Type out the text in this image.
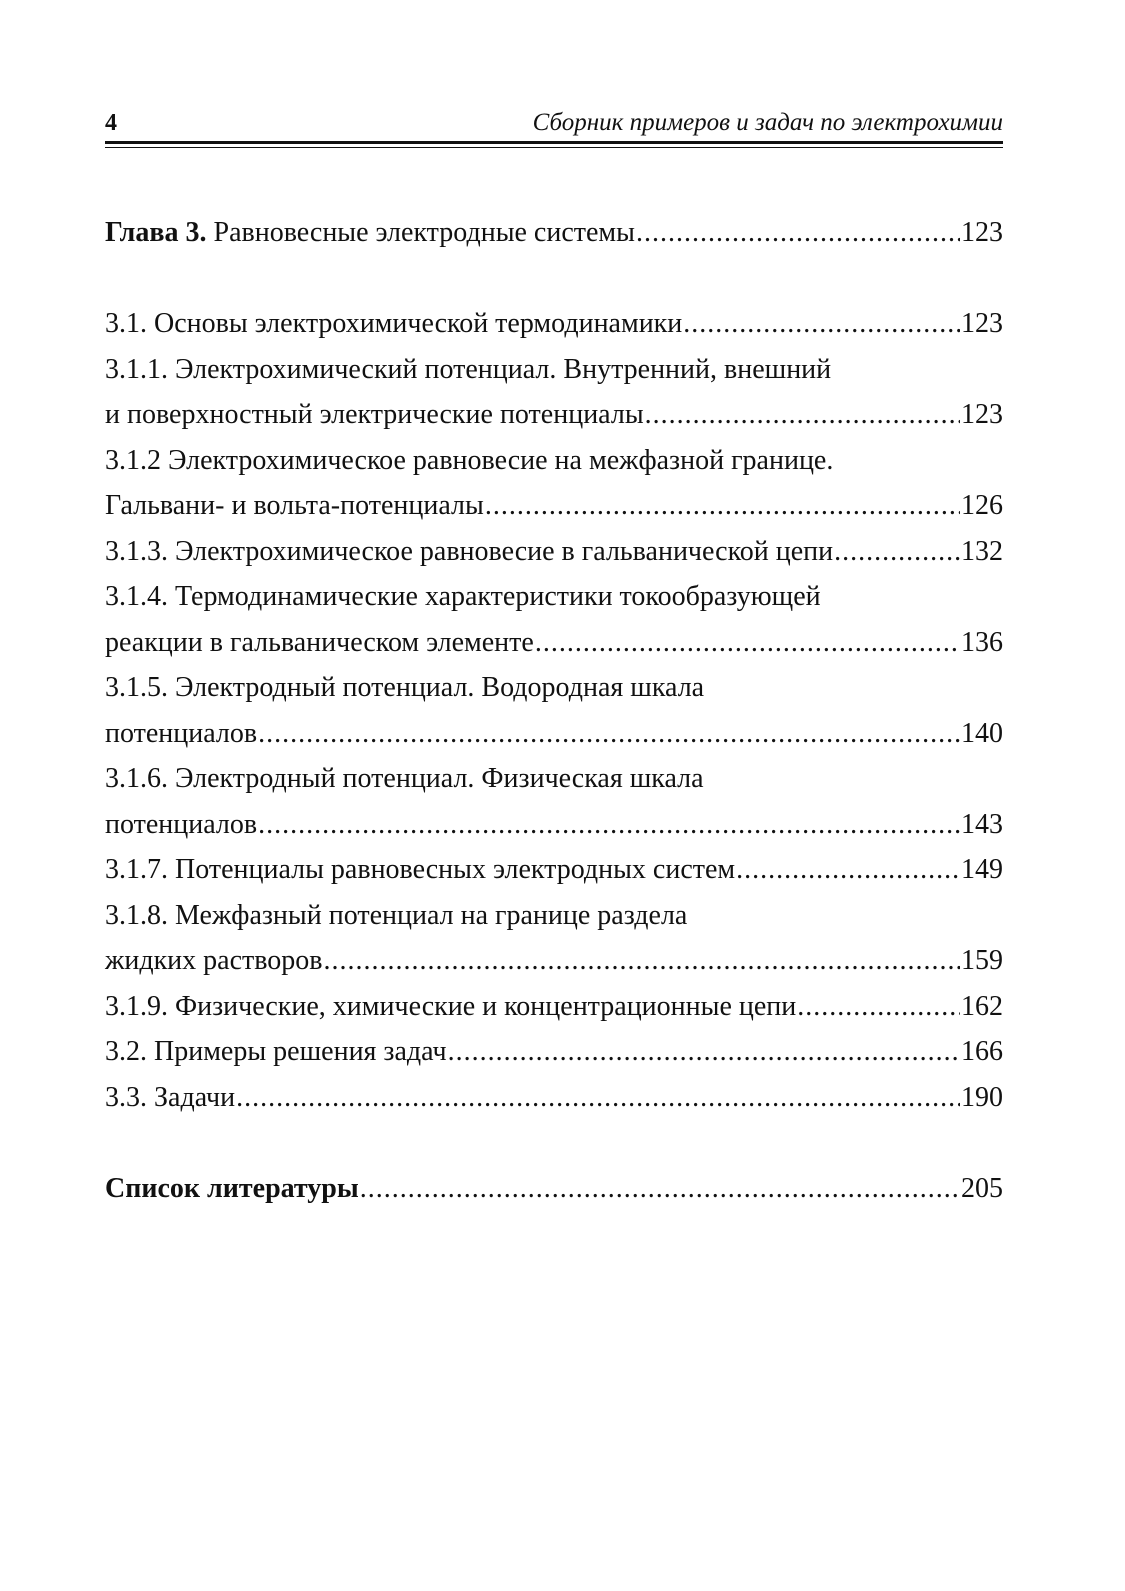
4	Сборник примеров и задач по электрохимии
Глава 3. Равновесные электродные системы .....	123
3.1. Основы электрохимической термодинамики .....	123
3.1.1. Электрохимический потенциал. Внутренний, внешний
и поверхностный электрические потенциалы .....	123
3.1.2 Электрохимическое равновесие на межфазной границе.
Гальвани- и вольта-потенциалы .....	126
3.1.3. Электрохимическое равновесие в гальванической цепи .....	132
3.1.4. Термодинамические характеристики токообразующей
реакции в гальваническом элементе .....	136
3.1.5. Электродный потенциал. Водородная шкала
потенциалов .....	140
3.1.6. Электродный потенциал. Физическая шкала
потенциалов .....	143
3.1.7. Потенциалы равновесных электродных систем .....	149
3.1.8. Межфазный потенциал на границе раздела
жидких растворов .....	159
3.1.9. Физические, химические и концентрационные цепи .....	162
3.2. Примеры решения задач .....	166
3.3. Задачи .....	190
Список литературы .....	205
